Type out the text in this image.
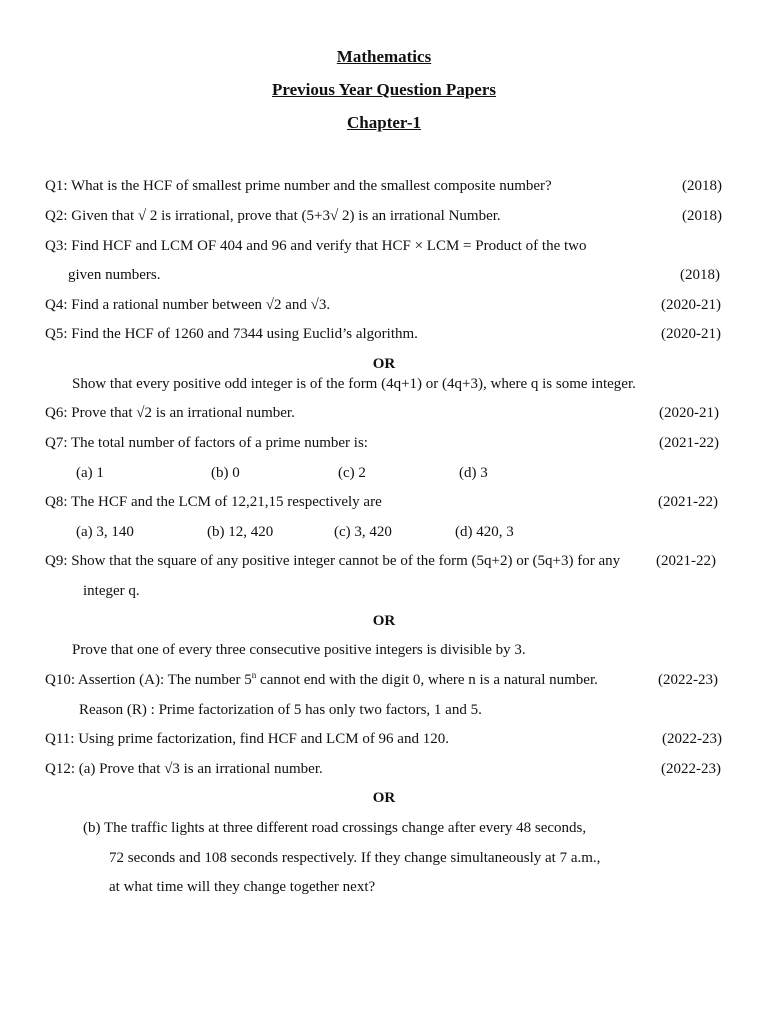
Mathematics
Previous Year Question Papers
Chapter-1
Q1: What is the HCF of smallest prime number and the smallest composite number?	(2018)
Q2: Given that √ 2 is irrational, prove that (5+3√ 2) is an irrational Number.	(2018)
Q3: Find HCF and LCM OF 404 and 96 and verify that HCF × LCM = Product of the two
given numbers.	(2018)
Q4: Find a rational number between √2 and √3.	(2020-21)
Q5: Find the HCF of 1260 and 7344 using Euclid’s algorithm.	(2020-21)
OR
Show that every positive odd integer is of the form (4q+1) or (4q+3), where q is some integer.
Q6: Prove that √2 is an irrational number.	(2020-21)
Q7: The total number of factors of a prime number is:	(2021-22)
(a) 1	(b) 0	(c) 2	(d) 3
Q8: The HCF and the LCM of 12,21,15 respectively are	(2021-22)
(a) 3, 140	(b) 12, 420	(c) 3, 420	(d) 420, 3
Q9: Show that the square of any positive integer cannot be of the form (5q+2) or (5q+3) for any (2021-22)
integer q.
OR
Prove that one of every three consecutive positive integers is divisible by 3.
Q10: Assertion (A): The number 5$^n$ cannot end with the digit 0, where n is a natural number.	(2022-23)
Reason (R) : Prime factorization of 5 has only two factors, 1 and 5.
Q11: Using prime factorization, find HCF and LCM of 96 and 120.	(2022-23)
Q12: (a) Prove that √3 is an irrational number.	(2022-23)
OR
(b) The traffic lights at three different road crossings change after every 48 seconds,
72 seconds and 108 seconds respectively. If they change simultaneously at 7 a.m.,
at what time will they change together next?
